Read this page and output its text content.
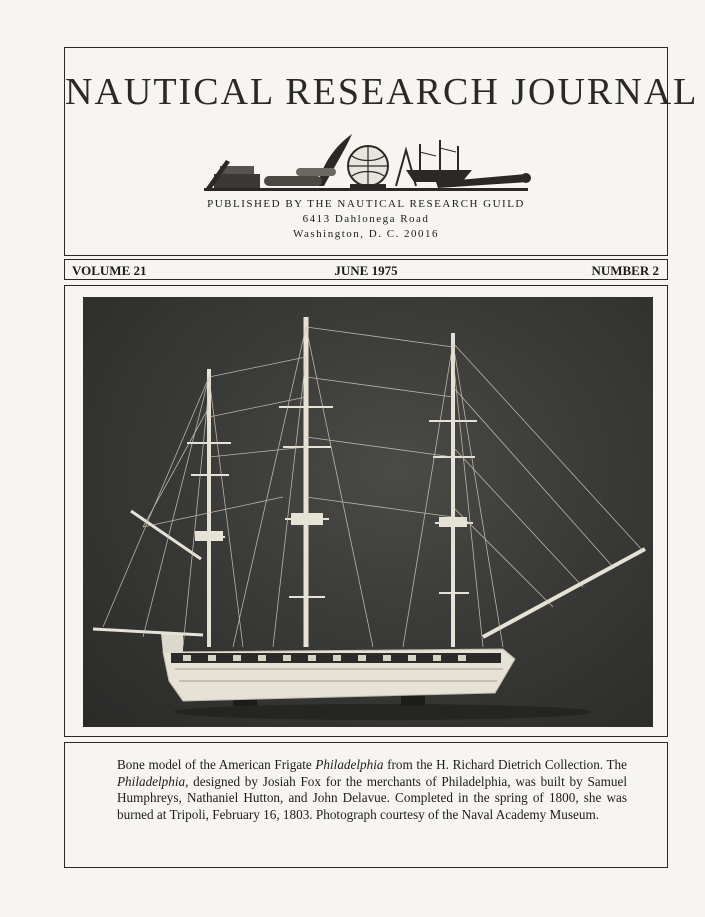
NAUTICAL RESEARCH JOURNAL
PUBLISHED BY THE NAUTICAL RESEARCH GUILD
6413 Dahlonega Road
Washington, D. C. 20016
JUNE 1975
VOLUME 21	NUMBER 2

Bone model of the American Frigate Philadelphia from the H. Richard Dietrich Collection. The Philadelphia, designed by Josiah Fox for the merchants of Philadelphia, was built by Samuel Humphreys, Nathaniel Hutton, and John Delavue. Completed in the spring of 1800, she was burned at Tripoli, February 16, 1803. Photograph courtesy of the Naval Academy Museum.
